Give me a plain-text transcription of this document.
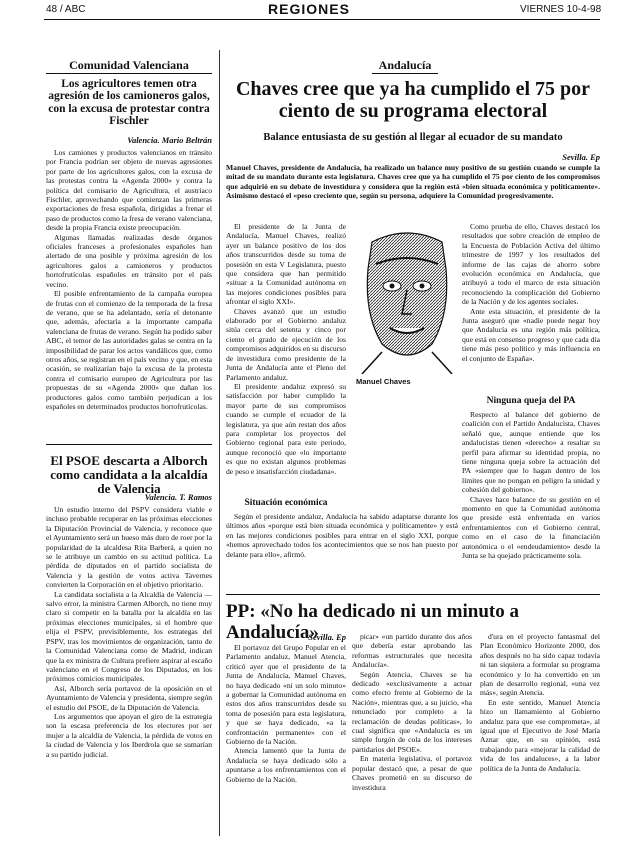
48 / ABC	REGIONES	VIERNES 10-4-98
Comunidad Valenciana
Los agricultores temen otra agresión de los camioneros galos, con la excusa de protestar contra Fischler
Valencia. Mario Beltrán

Los camiones y productos valencianos en tránsito por Francia podrían ser objeto de nuevas agresiones por parte de los agricultores galos, con la excusa de las protestas contra la «Agenda 2000» y contra la política del comisario de Agricultura, el austríaco Fischler, aprovechando que comienzan las primeras exportaciones de fresa española, dirigidas a frenar el paso de productos como la fresa de verano valenciana, desde la propia Francia existe preocupación.

Algunas llamadas realizadas desde órganos oficiales franceses a profesionales españoles han alertado de una posible y próxima agresión de los agricultores galos a camioneros y productos hortofrutícolas españoles en tránsito por el país vecino.

El posible enfrentamiento de la campaña europea de frutas con el comienzo de la temporada de la fresa de verano, que se ha adelantado, sería el detonante que, además, afectaría a la importante campaña valenciana de frutas de verano. Según ha podido saber ABC, el temor de las autoridades galas se centra en la imposibilidad de parar los actos vandálicos que, como otros años, se registran en el país vecino y que, en esta ocasión, se realizarían bajo la excusa de la protesta contra el comisario europeo de Agricultura por las propuestas de su «Agenda 2000» que dañan los productores galos como también perjudican a los españoles en determinados productos hortofrutícolas.

El PSOE descarta a Alborch como candidata a la alcaldía de Valencia
Valencia. T. Ramos

Un estudio interno del PSPV considera viable e incluso probable recuperar en las próximas elecciones la Diputación Provincial de Valencia, y reconoce que el Ayuntamiento será un hueso más duro de roer por la popularidad de la alcaldesa Rita Barberá, a quien no se le atribuye un cambio en su actitud política. La pérdida de diputados en el partido socialista de Valencia y la gestión de votos activa Tavernes convierten la Corporación en el objetivo prioritario.

La candidata socialista a la Alcaldía de Valencia —salvo error, la ministra Carmen Alborch, no tiene muy claro si competir en la batalla por la alcaldía en las próximas elecciones municipales, si el hombre que elija el PSPV, previsiblemente, los estrategas del PSPV, tras los movimientos de organización, tanto de la Comunidad Valenciana como de Madrid, indican que la ex ministra de Cultura prefiere aspirar al escaño valenciano en el Congreso de los Diputados, en los próximos comicios municipales.

Así, Alborch sería portavoz de la oposición en el Ayuntamiento de Valencia y presidenta, siempre según el estudio del PSOE, de la Diputación de Valencia.

Los argumentos que apoyan el giro de la estrategia son la escasa preferencia de los electores por ser mujer a la alcaldía de Valencia, la pérdida de votos en la ciudad de Valencia y los Iberdrola que se sumarían a su partido judicial.

Andalucía
Chaves cree que ya ha cumplido el 75 por ciento de su programa electoral
Balance entusiasta de su gestión al llegar al ecuador de su mandato
Sevilla. Ep
Manuel Chaves, presidente de Andalucía, ha realizado un balance muy positivo de su gestión cuando se cumple la mitad de su mandato durante esta legislatura. Chaves cree que ya ha cumplido el 75 por ciento de los compromisos que adquirió en su debate de investidura y considera que la región está «bien situada económica y políticamente». Asimismo destacó el «peso creciente que, según su persona, adquiere la Comunidad progresivamente.

El presidente de la Junta de Andalucía, Manuel Chaves, realizó ayer un balance positivo de los dos años transcurridos desde su toma de posesión en esta V Legislatura, puesto que considera que han permitido «situar a la Comunidad autónoma en las mejores condiciones posibles para afrontar el siglo XXI».

Chaves avanzó que un estudio elaborado por el Gobierno andaluz sitúa cerca del setenta y cinco por ciento el grado de ejecución de los compromisos adquiridos en su discurso de investidura como presidente de la Junta de Andalucía ante el Pleno del Parlamento andaluz.

El presidente andaluz expresó su satisfacción por haber cumplido la mayor parte de sus compromisos cuando se cumple el ecuador de la legislatura, ya que aún restan dos años para completar los proyectos del Gobierno regional para este periodo, aunque reconoció que «lo importante es que no existan algunos problemas de peso e insatisfacción ciudadana».

Manuel Chaves

Como prueba de ello, Chaves destacó los resultados que sobre creación de empleo de la Encuesta de Población Activa del último trimestre de 1997 y los resultados del informe de las cajas de ahorro sobre evolución económica en Andalucía, que atribuyó a todo el marco de esta situación reconociendo la complicación del Gobierno de la Nación y de los agentes sociales.

Ante esta situación, el presidente de la Junta aseguró que «nadie puede negar hoy que Andalucía es una región más política, que está en consenso progreso y que cada día tiene más peso político y más influencia en el conjunto de España».

Situación económica

Según el presidente andaluz, Andalucía ha sabido adaptarse durante los últimos años «porque está bien situada económica y políticamente» y está en las mejores condiciones posibles para entrar en el siglo XXI, porque «hemos aprovechado todos los acontecimientos que se nos han puesto por delante para ello», afirmó.

Ninguna queja del PA

Respecto al balance del gobierno de coalición con el Partido Andalucista, Chaves señaló que, aunque entiende que los andalucistas tienen «derecho» a resaltar su perfil para afirmar su identidad propia, no tiene ninguna queja sobre la actuación del PA «siempre que lo hagan dentro de los límites que no pongan en peligro la unidad y cohesión del gobierno».

Chaves hace balance de su gestión en el momento en que la Comunidad autónoma que preside está enfrentada en varios enfrentamientos con el Gobierno central, como en el caso de la financiación autonómica o el «endeudamiento» desde la Junta se ha quejado prácticamente sola.

PP: «No ha dedicado ni un minuto a Andalucía»
Sevilla. Ep

El portavoz del Grupo Popular en el Parlamento andaluz, Manuel Atencia, criticó ayer que el presidente de la Junta de Andalucía, Manuel Chaves, no haya dedicado «ni un solo minuto» a gobernar la Comunidad autónoma en estos dos años transcurridos desde su toma de posesión para esta legislatura, y que se haya dedicado, «a la confrontación permanente» con el Gobierno de la Nación.

Atencia lamentó que la Junta de Andalucía se haya dedicado sólo a apuntarse a los enfrentamientos con el Gobierno de la Nación.

picar» «un partido durante dos años que debería estar aprobando las reformas estructurales que necesita Andalucía».

Según Atencia, Chaves se ha dedicado «exclusivamente a actuar como efecto frente al Gobierno de la Nación», mientras que, a su juicio, «ha renunciado por completo a la reclamación de deudas políticas», lo cual significa que «Andalucía es un simple furgón de cola de los intereses partidarios del PSOE».

En materia legislativa, el portavoz popular destacó que, a pesar de que Chaves prometió en su discurso de investidura

d'ura en el proyecto fantasmal del Plan Económico Horizonte 2000, dos años después no ha sido capaz todavía ni tan siquiera a formular su programa económico y lo ha convertido en un plan de desarrollo regional, «una vez más», según Atencia.

En este sentido, Manuel Atencia hizo un llamamiento al Gobierno andaluz para que «se comprometa», al igual que el Ejecutivo de José María Aznar que, en su opinión, está trabajando para «mejorar la calidad de vida de los andaluces», a la labor política de la Junta de Andalucía.
